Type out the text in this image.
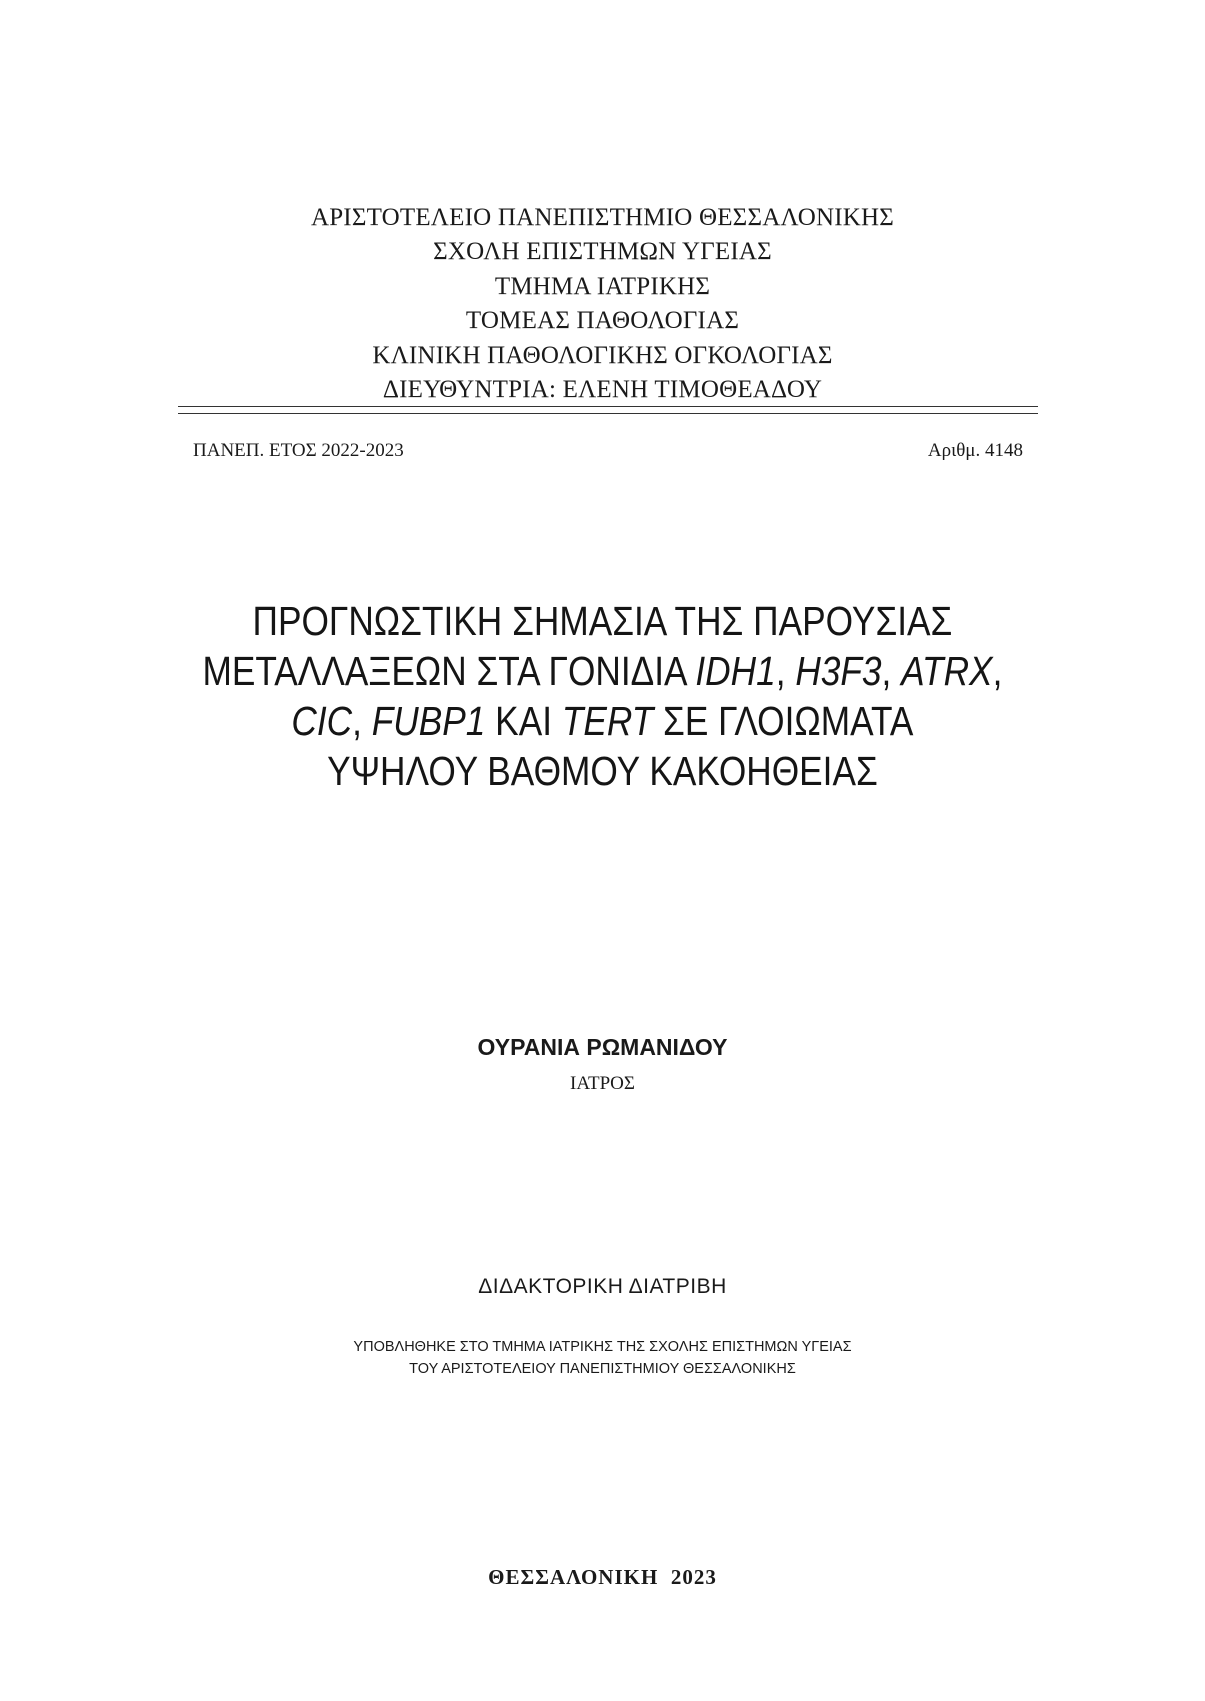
ΑΡΙΣΤΟΤΕΛΕΙΟ ΠΑΝΕΠΙΣΤΗΜΙΟ ΘΕΣΣΑΛΟΝΙΚΗΣ
ΣΧΟΛΗ ΕΠΙΣΤΗΜΩΝ ΥΓΕΙΑΣ
ΤΜΗΜΑ ΙΑΤΡΙΚΗΣ
ΤΟΜΕΑΣ ΠΑΘΟΛΟΓΙΑΣ
ΚΛΙΝΙΚΗ ΠΑΘΟΛΟΓΙΚΗΣ ΟΓΚΟΛΟΓΙΑΣ
ΔΙΕΥΘΥΝΤΡΙΑ: ΕΛΕΝΗ ΤΙΜΟΘΕΑΔΟΥ
ΠΑΝΕΠ. ΕΤΟΣ 2022-2023	Αριθμ. 4148
ΠΡΟΓΝΩΣΤΙΚΗ ΣΗΜΑΣΙΑ ΤΗΣ ΠΑΡΟΥΣΙΑΣ
ΜΕΤΑΛΛΑΞΕΩΝ ΣΤΑ ΓΟΝΙΔΙΑ IDH1, H3F3, ATRX,
CIC, FUBP1 ΚΑΙ TERT ΣΕ ΓΛΟΙΩΜΑΤΑ
ΥΨΗΛΟΥ ΒΑΘΜΟΥ ΚΑΚΟΗΘΕΙΑΣ
ΟΥΡΑΝΙΑ ΡΩΜΑΝΙΔΟΥ
ΙΑΤΡΟΣ
ΔΙΔΑΚΤΟΡΙΚΗ ΔΙΑΤΡΙΒΗ
ΥΠΟΒΛΗΘΗΚΕ ΣΤΟ ΤΜΗΜΑ ΙΑΤΡΙΚΗΣ ΤΗΣ ΣΧΟΛΗΣ ΕΠΙΣΤΗΜΩΝ ΥΓΕΙΑΣ
ΤΟΥ ΑΡΙΣΤΟΤΕΛΕΙΟΥ ΠΑΝΕΠΙΣΤΗΜΙΟΥ ΘΕΣΣΑΛΟΝΙΚΗΣ
ΘΕΣΣΑΛΟΝΙΚΗ  2023
